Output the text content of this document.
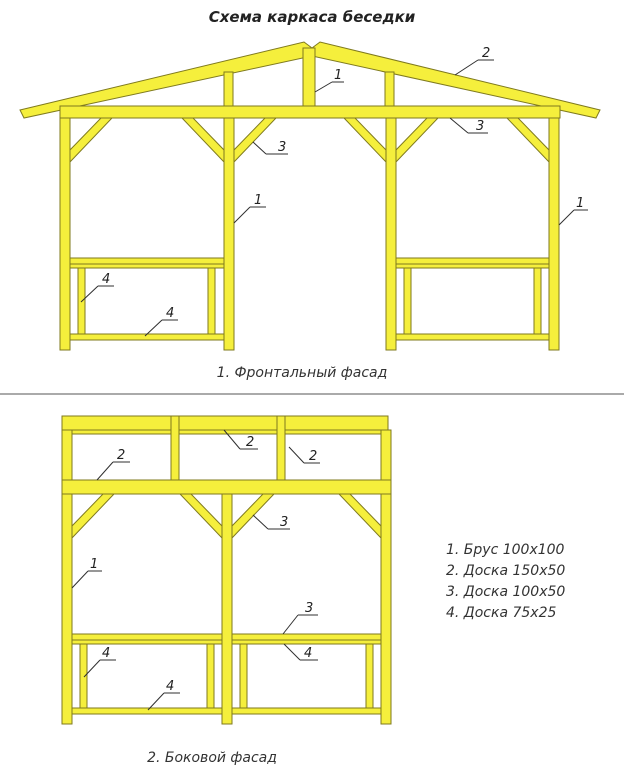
Схема каркаса беседки
1
2
3
3
1	1
4
4
1. Фронтальный фасад
2
2
2
3
1
3
4	4
4
2. Боковой фасад
1. Брус 100x100
2. Доска 150x50
3. Доска 100x50
4. Доска 75x25
